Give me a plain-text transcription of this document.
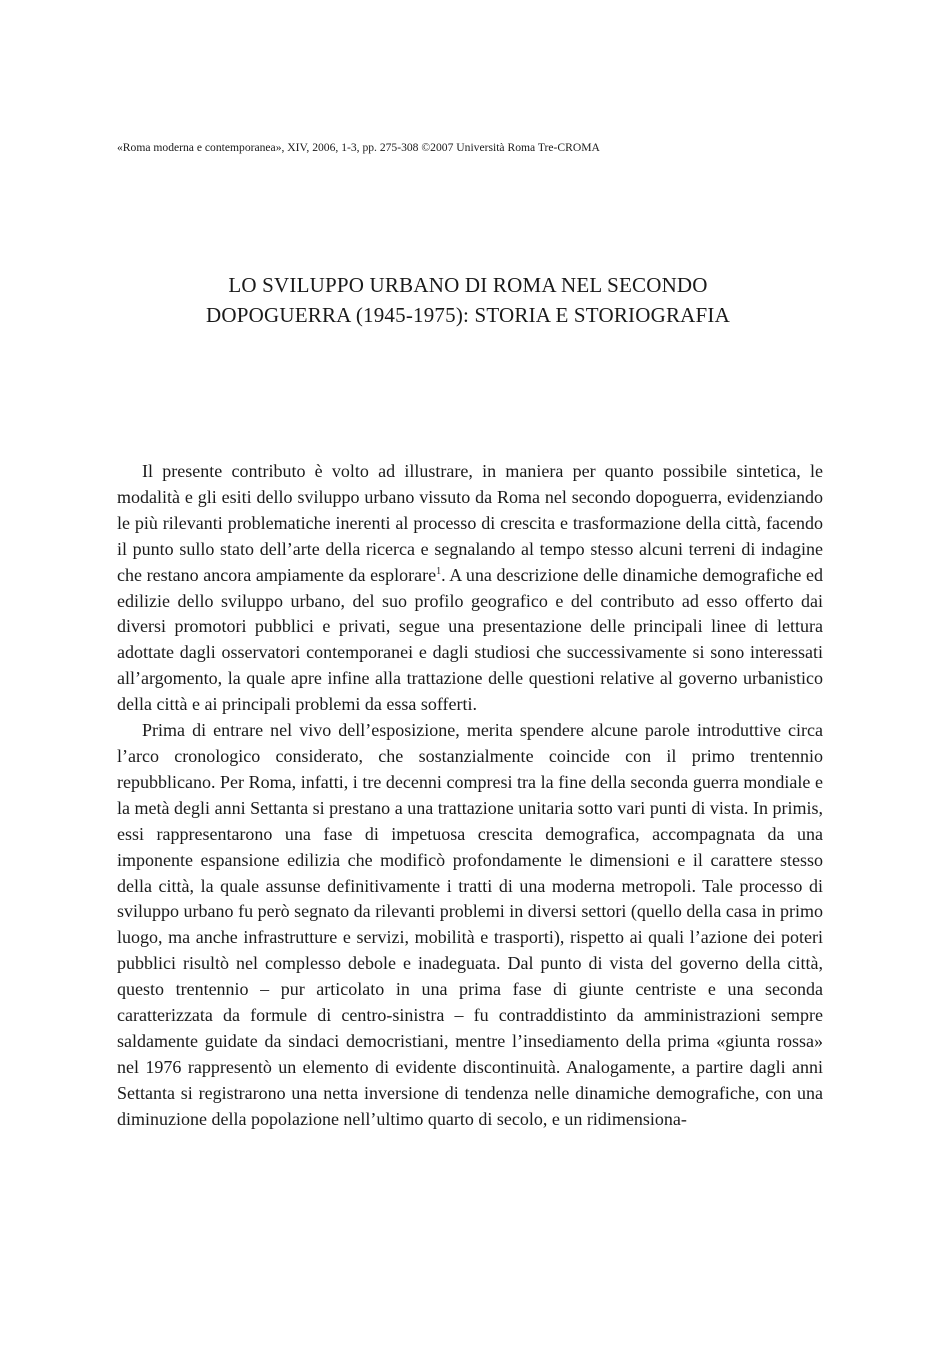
«Roma moderna e contemporanea», XIV, 2006, 1-3, pp. 275-308 ©2007 Università Roma Tre-CROMA
LO SVILUPPO URBANO DI ROMA NEL SECONDO
DOPOGUERRA (1945-1975): STORIA E STORIOGRAFIA

Il presente contributo è volto ad illustrare, in maniera per quanto possibile sintetica, le modalità e gli esiti dello sviluppo urbano vissuto da Roma nel secondo dopoguerra, evidenziando le più rilevanti problematiche inerenti al processo di crescita e trasformazione della città, facendo il punto sullo stato dell’arte della ricerca e segnalando al tempo stesso alcuni terreni di indagine che restano ancora ampiamente da esplorare$^1$. A una descrizione delle dinamiche demografiche ed edilizie dello sviluppo urbano, del suo profilo geografico e del contributo ad esso offerto dai diversi promotori pubblici e privati, segue una presentazione delle principali linee di lettura adottate dagli osservatori contemporanei e dagli studiosi che successivamente si sono interessati all’argomento, la quale apre infine alla trattazione delle questioni relative al governo urbanistico della città e ai principali problemi da essa sofferti.

Prima di entrare nel vivo dell’esposizione, merita spendere alcune parole introduttive circa l’arco cronologico considerato, che sostanzialmente coincide con il primo trentennio repubblicano. Per Roma, infatti, i tre decenni compresi tra la fine della seconda guerra mondiale e la metà degli anni Settanta si prestano a una trattazione unitaria sotto vari punti di vista. In primis, essi rappresentarono una fase di impetuosa crescita demografica, accompagnata da una imponente espansione edilizia che modificò profondamente le dimensioni e il carattere stesso della città, la quale assunse definitivamente i tratti di una moderna metropoli. Tale processo di sviluppo urbano fu però segnato da rilevanti problemi in diversi settori (quello della casa in primo luogo, ma anche infrastrutture e servizi, mobilità e trasporti), rispetto ai quali l’azione dei poteri pubblici risultò nel complesso debole e inadeguata. Dal punto di vista del governo della città, questo trentennio – pur articolato in una prima fase di giunte centriste e una seconda caratterizzata da formule di centro-sinistra – fu contraddistinto da amministrazioni sempre saldamente guidate da sindaci democristiani, mentre l’insediamento della prima «giunta rossa» nel 1976 rappresentò un elemento di evidente discontinuità. Analogamente, a partire dagli anni Settanta si registrarono una netta inversione di tendenza nelle dinamiche demografiche, con una diminuzione della popolazione nell’ultimo quarto di secolo, e un ridimensiona-
